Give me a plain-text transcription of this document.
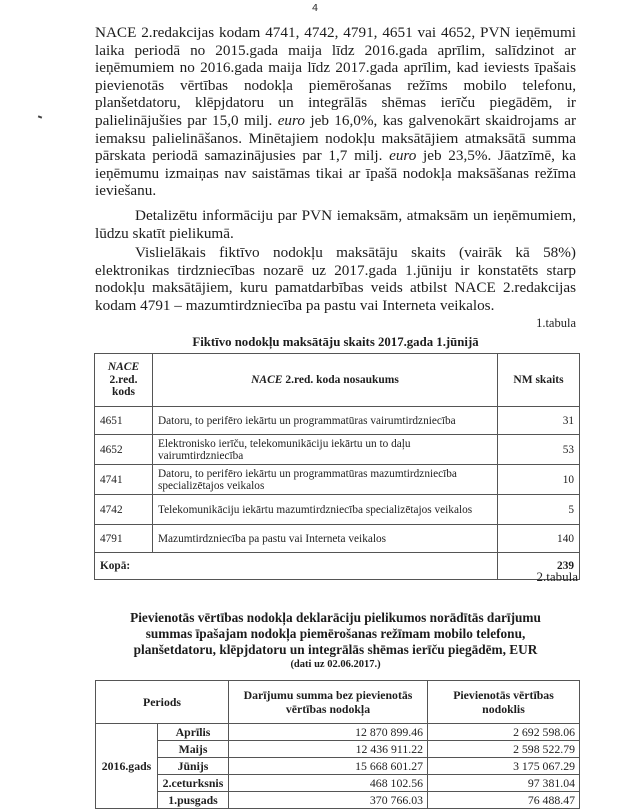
4

NACE 2.redakcijas kodam 4741, 4742, 4791, 4651 vai 4652, PVN ieņēmumi laika periodā no 2015.gada maija līdz 2016.gada aprīlim, salīdzinot ar ieņēmumiem no 2016.gada maija līdz 2017.gada aprīlim, kad ieviests īpašais pievienotās vērtības nodokļa piemērošanas režīms mobilo telefonu, planšetdatoru, klēpjdatoru un integrālās shēmas ierīču piegādēm, ir palielinājušies par 15,0 milj. euro jeb 16,0%, kas galvenokārt skaidrojams ar iemaksu palielināšanos. Minētajiem nodokļu maksātājiem atmaksātā summa pārskata periodā samazinājusies par 1,7 milj. euro jeb 23,5%. Jāatzīmē, ka ieņēmumu izmaiņas nav saistāmas tikai ar īpašā nodokļa maksāšanas režīma ieviešanu.

Detalizētu informāciju par PVN iemaksām, atmaksām un ieņēmumiem, lūdzu skatīt pielikumā.

Vislielākais fiktīvo nodokļu maksātāju skaits (vairāk kā 58%) elektronikas tirdzniecības nozarē uz 2017.gada 1.jūniju ir konstatēts starp nodokļu maksātājiem, kuru pamatdarbības veids atbilst NACE 2.redakcijas kodam 4791 – mazumtirdzniecība pa pastu vai Interneta veikalos.

1.tabula
Fiktīvo nodokļu maksātāju skaits 2017.gada 1.jūnijā
NACE
2.red.
kods	NACE 2.red. koda nosaukums	NM skaits
4651	Datoru, to perifēro iekārtu un programmatūras vairumtirdzniecība	31
4652	Elektronisko ierīču, telekomunikāciju iekārtu un to daļu vairumtirdzniecība	53
4741	Datoru, to perifēro iekārtu un programmatūras mazumtirdzniecība specializētajos veikalos	10
4742	Telekomunikāciju iekārtu mazumtirdzniecība specializētajos veikalos	5
4791	Mazumtirdzniecība pa pastu vai Interneta veikalos	140
Kopā:		239
2.tabula
Pievienotās vērtības nodokļa deklarāciju pielikumos norādītās darījumu
summas īpašajam nodokļa piemērošanas režīmam mobilo telefonu,
planšetdatoru, klēpjdatoru un integrālās shēmas ierīču piegādēm, EUR
(dati uz 02.06.2017.)
Periods		Darījumu summa bez pievienotās vērtības nodokļa	Pievienotās vērtības nodoklis
2016.gads	Aprīlis	12 870 899.46	2 692 598.06
	Maijs	12 436 911.22	2 598 522.79
	Jūnijs	15 668 601.27	3 175 067.29
	2.ceturksnis	468 102.56	97 381.04
	1.pusgads	370 766.03	76 488.47
